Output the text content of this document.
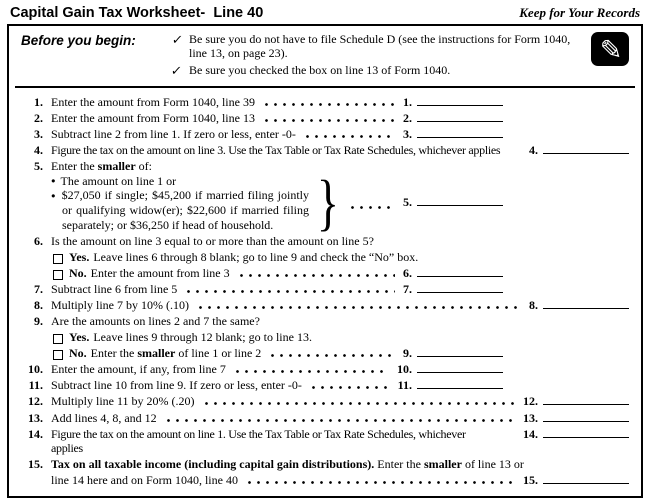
Capital Gain Tax Worksheet-  Line 40	Keep for Your Records
Before you begin:	✓ Be sure you do not have to file Schedule D (see the instructions for Form 1040, line 13, on page 23).
✓ Be sure you checked the box on line 13 of Form 1040.
✎
1. Enter the amount from Form 1040, line 39	1.
2. Enter the amount from Form 1040, line 13	2.
3. Subtract line 2 from line 1. If zero or less, enter -0-	3.
4. Figure the tax on the amount on line 3. Use the Tax Table or Tax Rate Schedules, whichever applies 4.
5. Enter the smaller of:
● The amount on line 1 or
● $27,050 if single; $45,200 if married filing jointly or qualifying widow(er); $22,600 if married filing separately; or $36,250 if head of household.
5.
6. Is the amount on line 3 equal to or more than the amount on line 5?
Yes. Leave lines 6 through 8 blank; go to line 9 and check the “No” box.
No. Enter the amount from line 3	6.
7. Subtract line 6 from line 5	7.
8. Multiply line 7 by 10% (.10)	8.
9. Are the amounts on lines 2 and 7 the same?
Yes. Leave lines 9 through 12 blank; go to line 13.
No. Enter the smaller of line 1 or line 2	9.
10. Enter the amount, if any, from line 7	10.
11. Subtract line 10 from line 9. If zero or less, enter -0-	11.
12. Multiply line 11 by 20% (.20)	12.
13. Add lines 4, 8, and 12	13.
14. Figure the tax on the amount on line 1. Use the Tax Table or Tax Rate Schedules, whichever applies
14.
15. Tax on all taxable income (including capital gain distributions). Enter the smaller of line 13 or
line 14 here and on Form 1040, line 40	15.
